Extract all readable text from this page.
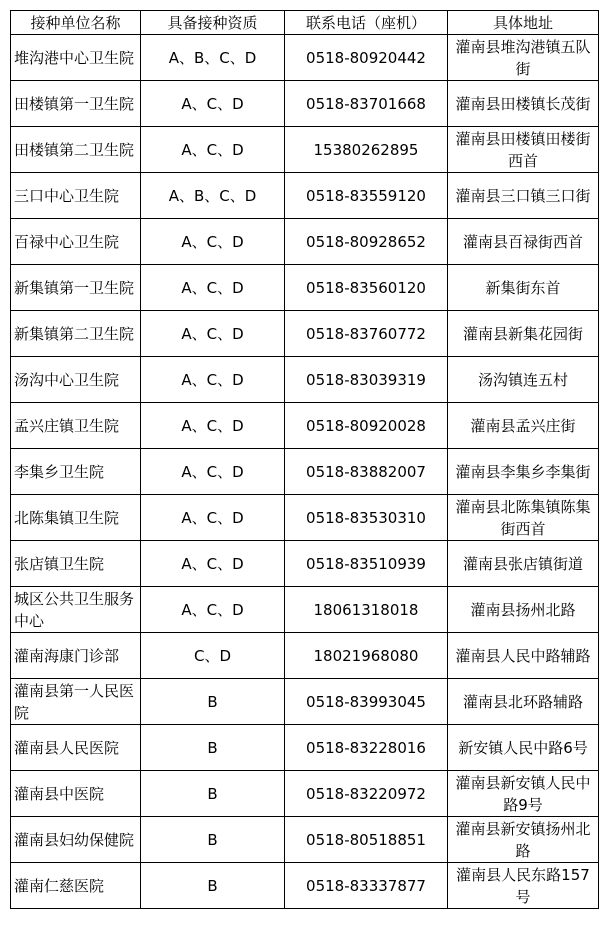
接种单位名称	具备接种资质	联系电话（座机）	具体地址
堆沟港中心卫生院	A、B、C、D	0518-80920442	灌南县堆沟港镇五队街
田楼镇第一卫生院	A、C、D	0518-83701668	灌南县田楼镇长茂街
田楼镇第二卫生院	A、C、D	15380262895	灌南县田楼镇田楼街西首
三口中心卫生院	A、B、C、D	0518-83559120	灌南县三口镇三口街
百禄中心卫生院	A、C、D	0518-80928652	灌南县百禄街西首
新集镇第一卫生院	A、C、D	0518-83560120	新集街东首
新集镇第二卫生院	A、C、D	0518-83760772	灌南县新集花园街
汤沟中心卫生院	A、C、D	0518-83039319	汤沟镇连五村
孟兴庄镇卫生院	A、C、D	0518-80920028	灌南县孟兴庄街
李集乡卫生院	A、C、D	0518-83882007	灌南县李集乡李集街
北陈集镇卫生院	A、C、D	0518-83530310	灌南县北陈集镇陈集街西首
张店镇卫生院	A、C、D	0518-83510939	灌南县张店镇街道
城区公共卫生服务中心	A、C、D	18061318018	灌南县扬州北路
灌南海康门诊部	C、D	18021968080	灌南县人民中路辅路
灌南县第一人民医院	B	0518-83993045	灌南县北环路辅路
灌南县人民医院	B	0518-83228016	新安镇人民中路6号
灌南县中医院	B	0518-83220972	灌南县新安镇人民中路9号
灌南县妇幼保健院	B	0518-80518851	灌南县新安镇扬州北路
灌南仁慈医院	B	0518-83337877	灌南县人民东路157号
